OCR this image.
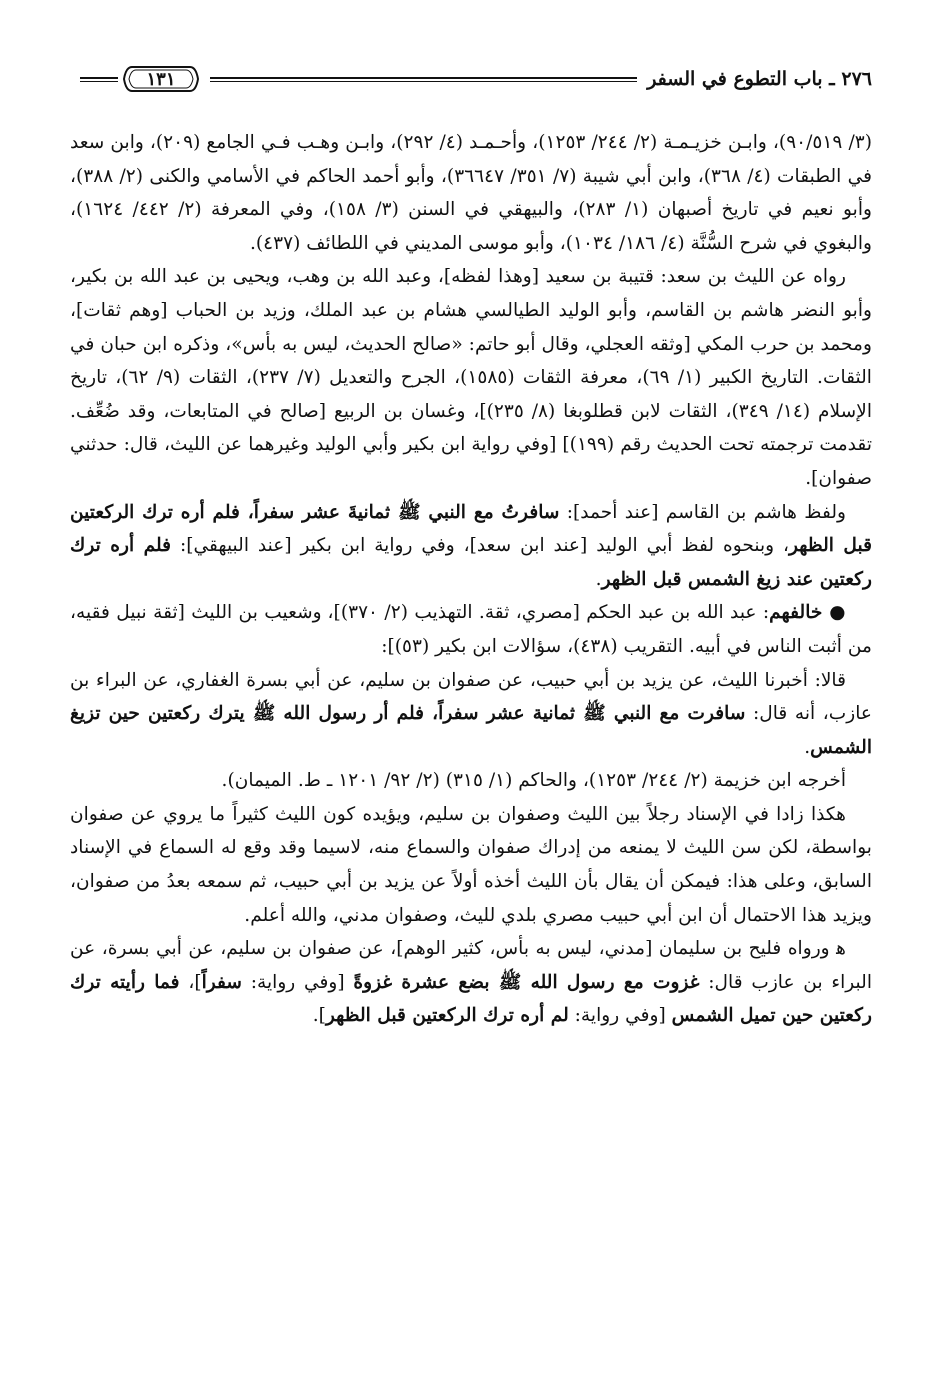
٢٧٦ ـ باب التطوع في السفر
١٣١

(٣/ ٩٠/٥١٩)، وابـن خزيـمـة (٢/ ٢٤٤/ ١٢٥٣)، وأحـمـد (٤/ ٢٩٢)، وابـن وهـب فـي الجامع (٢٠٩)، وابن سعد في الطبقات (٤/ ٣٦٨)، وابن أبي شيبة (٧/ ٣٥١/ ٣٦٦٤٧)، وأبو أحمد الحاكم في الأسامي والكنى (٢/ ٣٨٨)، وأبو نعيم في تاريخ أصبهان (١/ ٢٨٣)، والبيهقي في السنن (٣/ ١٥٨)، وفي المعرفة (٢/ ٤٤٢/ ١٦٢٤)، والبغوي في شرح السُّنَّة (٤/ ١٨٦/ ١٠٣٤)، وأبو موسى المديني في اللطائف (٤٣٧).

رواه عن الليث بن سعد: قتيبة بن سعيد [وهذا لفظه]، وعبد الله بن وهب، ويحيى بن عبد الله بن بكير، وأبو النضر هاشم بن القاسم، وأبو الوليد الطيالسي هشام بن عبد الملك، وزيد بن الحباب [وهم ثقات]، ومحمد بن حرب المكي [وثقه العجلي، وقال أبو حاتم: «صالح الحديث، ليس به بأس»، وذكره ابن حبان في الثقات. التاريخ الكبير (١/ ٦٩)، معرفة الثقات (١٥٨٥)، الجرح والتعديل (٧/ ٢٣٧)، الثقات (٩/ ٦٢)، تاريخ الإسلام (١٤/ ٣٤٩)، الثقات لابن قطلوبغا (٨/ ٢٣٥)]، وغسان بن الربيع [صالح في المتابعات، وقد ضُعِّف. تقدمت ترجمته تحت الحديث رقم (١٩٩)] [وفي رواية ابن بكير وأبي الوليد وغيرهما عن الليث، قال: حدثني صفوان].

ولفظ هاشم بن القاسم [عند أحمد]: سافرتُ مع النبي ﷺ ثمانيةَ عشر سفراً، فلم أره ترك الركعتين قبل الظهر، وبنحوه لفظ أبي الوليد [عند ابن سعد]، وفي رواية ابن بكير [عند البيهقي]: فلم أره ترك ركعتين عند زيغ الشمس قبل الظهر.

● خالفهم: عبد الله بن عبد الحكم [مصري، ثقة. التهذيب (٢/ ٣٧٠)]، وشعيب بن الليث [ثقة نبيل فقيه، من أثبت الناس في أبيه. التقريب (٤٣٨)، سؤالات ابن بكير (٥٣)]:

قالا: أخبرنا الليث، عن يزيد بن أبي حبيب، عن صفوان بن سليم، عن أبي بسرة الغفاري، عن البراء بن عازب، أنه قال: سافرت مع النبي ﷺ ثمانية عشر سفراً، فلم أر رسول الله ﷺ يترك ركعتين حين تزيغ الشمس.

أخرجه ابن خزيمة (٢/ ٢٤٤/ ١٢٥٣)، والحاكم (١/ ٣١٥) (٢/ ٩٢/ ١٢٠١ ـ ط. الميمان).

هكذا زادا في الإسناد رجلاً بين الليث وصفوان بن سليم، ويؤيده كون الليث كثيراً ما يروي عن صفوان بواسطة، لكن سن الليث لا يمنعه من إدراك صفوان والسماع منه، لاسيما وقد وقع له السماع في الإسناد السابق، وعلى هذا: فيمكن أن يقال بأن الليث أخذه أولاً عن يزيد بن أبي حبيب، ثم سمعه بعدُ من صفوان، ويزيد هذا الاحتمال أن ابن أبي حبيب مصري بلدي لليث، وصفوان مدني، والله أعلم.

ﻫ ورواه فليح بن سليمان [مدني، ليس به بأس، كثير الوهم]، عن صفوان بن سليم، عن أبي بسرة، عن البراء بن عازب قال: غزوت مع رسول الله ﷺ بضع عشرة غزوةً [وفي رواية: سفراً]، فما رأيته ترك ركعتين حين تميل الشمس [وفي رواية: لم أره ترك الركعتين قبل الظهر].
